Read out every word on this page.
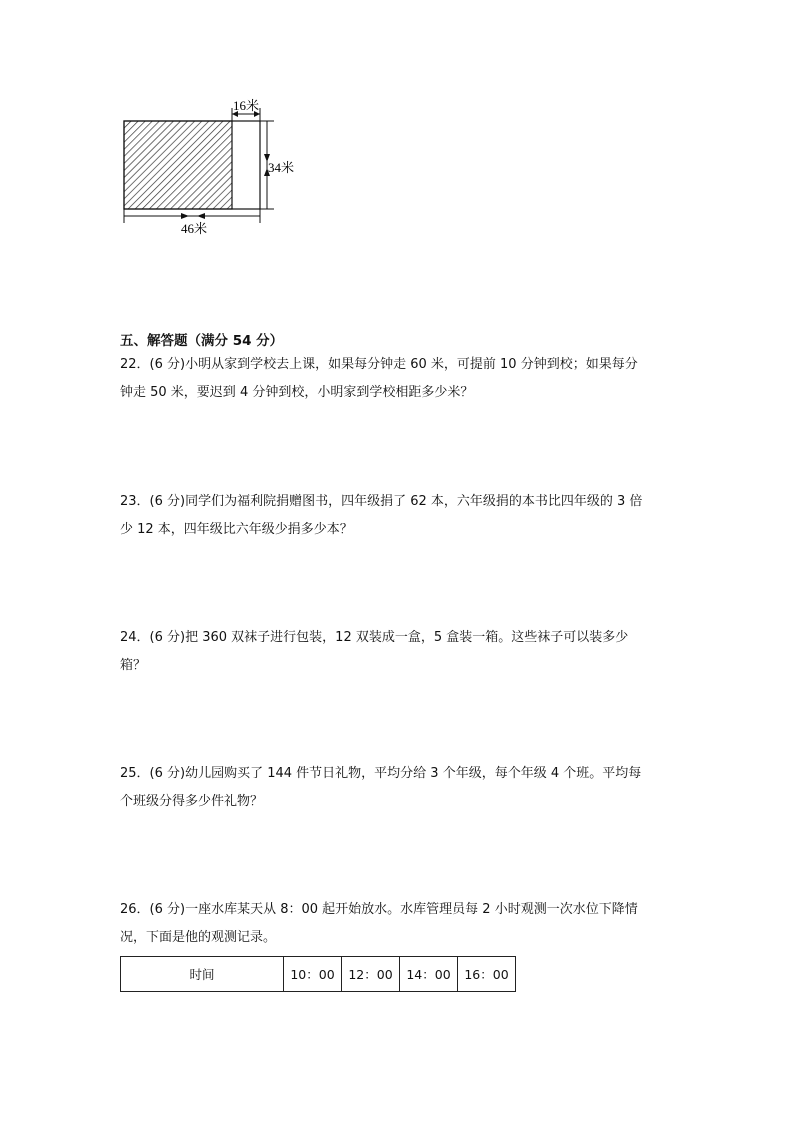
16米
34米
46米
五、解答题（满分 54 分）
22．(6 分)小明从家到学校去上课，如果每分钟走 60 米，可提前 10 分钟到校；如果每分
钟走 50 米，要迟到 4 分钟到校，小明家到学校相距多少米？
23．(6 分)同学们为福利院捐赠图书，四年级捐了 62 本，六年级捐的本书比四年级的 3 倍
少 12 本，四年级比六年级少捐多少本？
24．(6 分)把 360 双袜子进行包装，12 双装成一盒，5 盒装一箱。这些袜子可以装多少
箱？
25．(6 分)幼儿园购买了 144 件节日礼物，平均分给 3 个年级，每个年级 4 个班。平均每
个班级分得多少件礼物？
26．(6 分)一座水库某天从 8：00 起开始放水。水库管理员每 2 小时观测一次水位下降情
况，下面是他的观测记录。
时间	10：00	12：00	14：00	16：00
